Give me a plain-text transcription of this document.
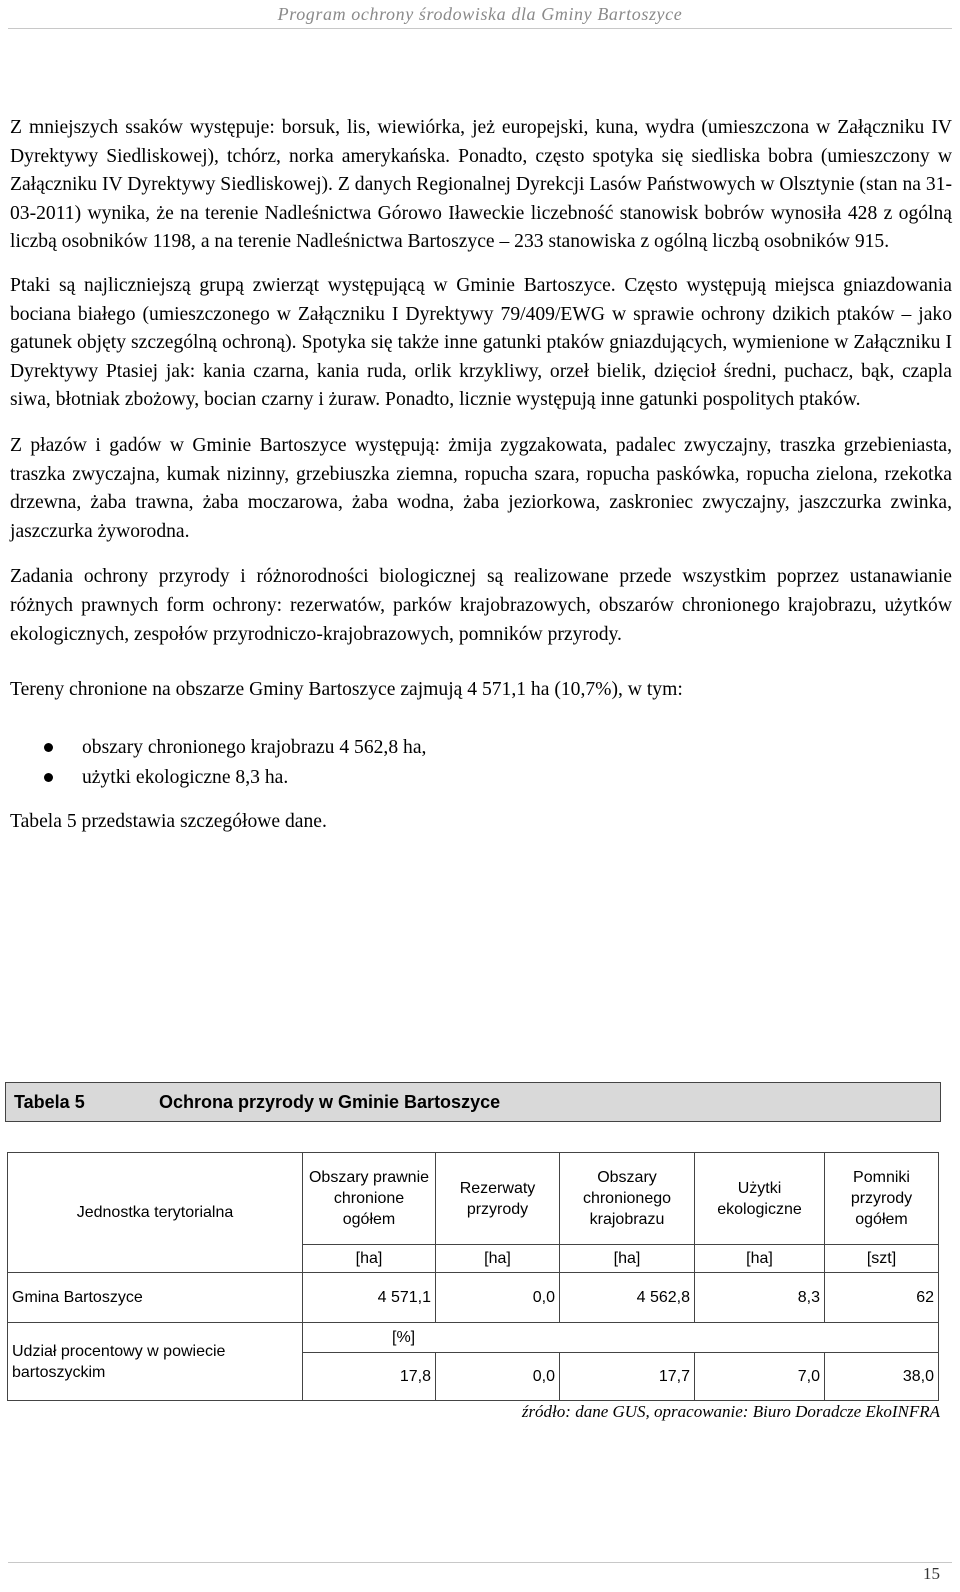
Program ochrony środowiska dla Gminy Bartoszyce

Z mniejszych ssaków występuje: borsuk, lis, wiewiórka, jeż europejski, kuna, wydra (umieszczona w Załączniku IV Dyrektywy Siedliskowej), tchórz, norka amerykańska. Ponadto, często spotyka się siedliska bobra (umieszczony w Załączniku IV Dyrektywy Siedliskowej). Z danych Regionalnej Dyrekcji Lasów Państwowych w Olsztynie (stan na 31-03-2011) wynika, że na terenie Nadleśnictwa Górowo Iławeckie liczebność stanowisk bobrów wynosiła 428 z ogólną liczbą osobników 1198, a na terenie Nadleśnictwa Bartoszyce – 233 stanowiska z ogólną liczbą osobników 915.

Ptaki są najliczniejszą grupą zwierząt występującą w Gminie Bartoszyce. Często występują miejsca gniazdowania bociana białego (umieszczonego w Załączniku I Dyrektywy 79/409/EWG w sprawie ochrony dzikich ptaków – jako gatunek objęty szczególną ochroną). Spotyka się także inne gatunki ptaków gniazdujących, wymienione w Załączniku I Dyrektywy Ptasiej jak: kania czarna, kania ruda, orlik krzykliwy, orzeł bielik, dzięcioł średni, puchacz, bąk, czapla siwa, błotniak zbożowy, bocian czarny i żuraw. Ponadto, licznie występują inne gatunki pospolitych ptaków.

Z płazów i gadów w Gminie Bartoszyce występują: żmija zygzakowata, padalec zwyczajny, traszka grzebieniasta, traszka zwyczajna, kumak nizinny, grzebiuszka ziemna, ropucha szara, ropucha paskówka, ropucha zielona, rzekotka drzewna, żaba trawna, żaba moczarowa, żaba wodna, żaba jeziorkowa, zaskroniec zwyczajny, jaszczurka zwinka, jaszczurka żyworodna.

Zadania ochrony przyrody i różnorodności biologicznej są realizowane przede wszystkim poprzez ustanawianie różnych prawnych form ochrony: rezerwatów, parków krajobrazowych, obszarów chronionego krajobrazu, użytków ekologicznych, zespołów przyrodniczo-krajobrazowych, pomników przyrody.

Tereny chronione na obszarze Gminy Bartoszyce zajmują 4 571,1 ha (10,7%), w tym:

obszary chronionego krajobrazu 4 562,8 ha,
użytki ekologiczne 8,3 ha.

Tabela 5 przedstawia szczegółowe dane.

Tabela 5	Ochrona przyrody w Gminie Bartoszyce
Jednostka terytorialna	Obszary prawnie chronione ogółem	Rezerwaty przyrody	Obszary chronionego krajobrazu	Użytki ekologiczne	Pomniki przyrody ogółem
	[ha]	[ha]	[ha]	[ha]	[szt]
Gmina Bartoszyce	4 571,1	0,0	4 562,8	8,3	62
Udział procentowy w powiecie bartoszyckim	[%]				
	17,8	0,0	17,7	7,0	38,0
źródło: dane GUS, opracowanie: Biuro Doradcze EkoINFRA
15
